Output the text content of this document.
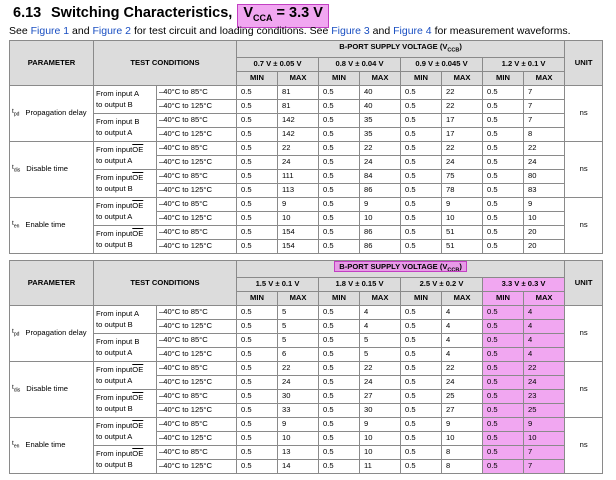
6.13 Switching Characteristics, $V_{CCA} = 3.3$ V
See Figure 1 and Figure 2 for test circuit and loading conditions. See Figure 3 and Figure 4 for measurement waveforms.
PARAMETER	TEST CONDITIONS		B-PORT SUPPLY VOLTAGE $(V_{CCB})$								UNIT
			0.7 V ± 0.05 V		0.8 V ± 0.04 V		0.9 V ± 0.045 V		1.2 V ± 0.1 V		
			MIN	MAX	MIN	MAX	MIN	MAX	MIN	MAX	

$t_{pd}$ Propagation delay	From input A
to output B	–40°C to 85°C	0.5	81	0.5	40	0.5	22	0.5	7	ns
		–40°C to 125°C	0.5	81	0.5	40	0.5	22	0.5	7	
	From input B
to output A	–40°C to 85°C	0.5	142	0.5	35	0.5	17	0.5	7	
		–40°C to 125°C	0.5	142	0.5	35	0.5	17	0.5	8	

$t_{dis}$ Disable time	From $input\overline{OE}$
to output A	–40°C to 85°C	0.5	22	0.5	22	0.5	22	0.5	22	ns
		–40°C to 125°C	0.5	24	0.5	24	0.5	24	0.5	24	
	From $input\overline{OE}$
to output B	–40°C to 85°C	0.5	111	0.5	84	0.5	75	0.5	80	
		–40°C to 125°C	0.5	113	0.5	86	0.5	78	0.5	83	

$t_{en}$ Enable time	From $input\overline{OE}$
to output A	–40°C to 85°C	0.5	9	0.5	9	0.5	9	0.5	9	ns
		–40°C to 125°C	0.5	10	0.5	10	0.5	10	0.5	10	
	From $input\overline{OE}$
to output B	–40°C to 85°C	0.5	154	0.5	86	0.5	51	0.5	20	
		–40°C to 125°C	0.5	154	0.5	86	0.5	51	0.5	20	
PARAMETER	TEST CONDITIONS		B-PORT SUPPLY VOLTAGE $(V_{CCB})$								UNIT
			1.5 V ± 0.1 V		1.8 V ± 0.15 V		2.5 V ± 0.2 V		3.3 V ± 0.3 V		
			MIN	MAX	MIN	MAX	MIN	MAX	MIN	MAX	

$t_{pd}$ Propagation delay	From input A
to output B	–40°C to 85°C	0.5	5	0.5	4	0.5	4	0.5	4	ns
		–40°C to 125°C	0.5	5	0.5	4	0.5	4	0.5	4	
	From input B
to output A	–40°C to 85°C	0.5	5	0.5	5	0.5	4	0.5	4	
		–40°C to 125°C	0.5	6	0.5	5	0.5	4	0.5	4	

$t_{dis}$ Disable time	From $input\overline{OE}$
to output A	–40°C to 85°C	0.5	22	0.5	22	0.5	22	0.5	22	ns
		–40°C to 125°C	0.5	24	0.5	24	0.5	24	0.5	24	
	From $input\overline{OE}$
to output B	–40°C to 85°C	0.5	30	0.5	27	0.5	25	0.5	23	
		–40°C to 125°C	0.5	33	0.5	30	0.5	27	0.5	25	

$t_{en}$ Enable time	From $input\overline{OE}$
to output A	–40°C to 85°C	0.5	9	0.5	9	0.5	9	0.5	9	ns
		–40°C to 125°C	0.5	10	0.5	10	0.5	10	0.5	10	
	From $input\overline{OE}$
to output B	–40°C to 85°C	0.5	13	0.5	10	0.5	8	0.5	7	
		–40°C to 125°C	0.5	14	0.5	11	0.5	8	0.5	7	
